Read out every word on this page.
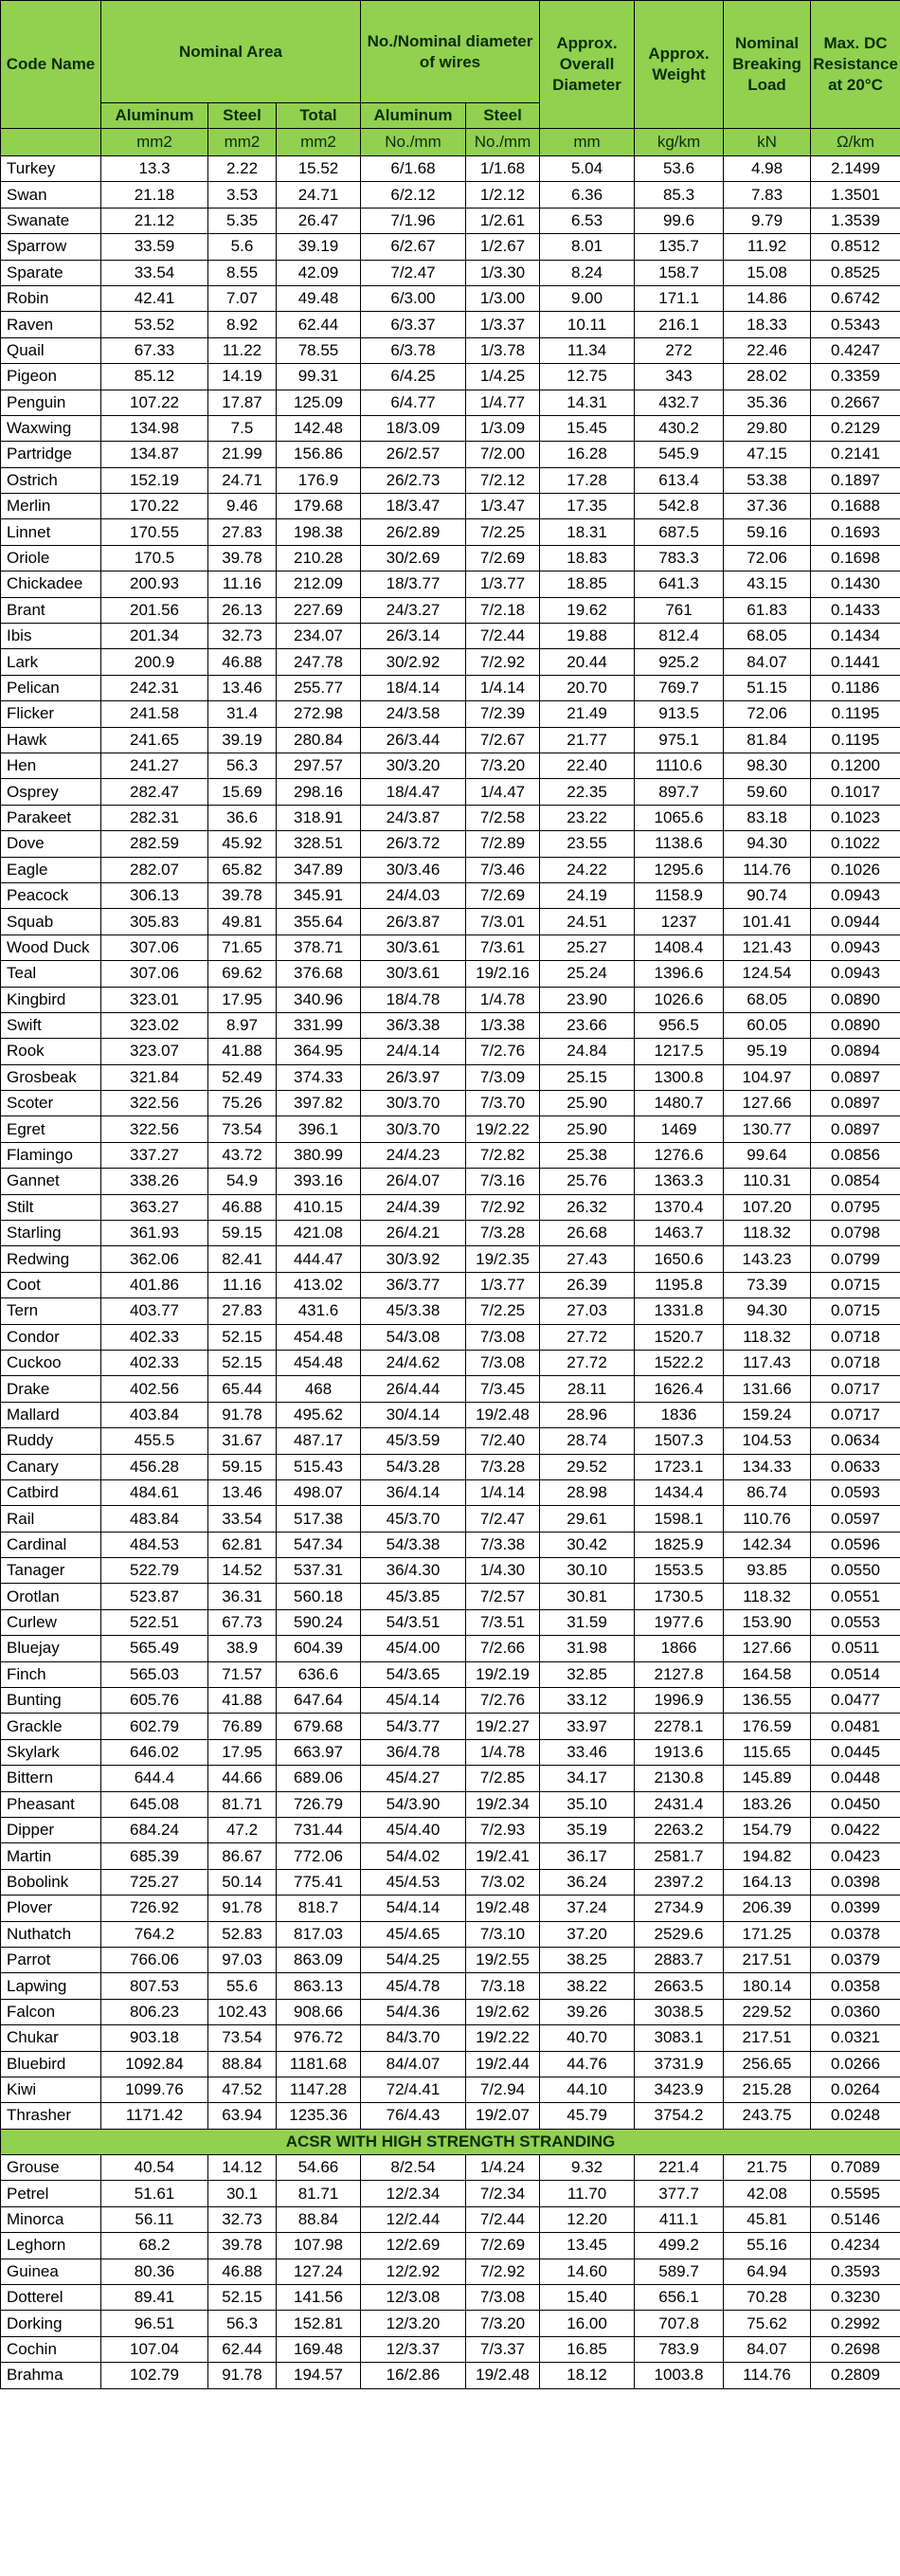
Code Name	Nominal Area			No./Nominal diameter of wires		Approx. Overall Diameter	Approx. Weight	Nominal Breaking Load	Max. DC Resistance at 20°C
	Aluminum	Steel	Total	Aluminum	Steel				
	mm2	mm2	mm2	No./mm	No./mm	mm	kg/km	kN	Ω/km
Turkey	13.3	2.22	15.52	6/1.68	1/1.68	5.04	53.6	4.98	2.1499
Swan	21.18	3.53	24.71	6/2.12	1/2.12	6.36	85.3	7.83	1.3501
Swanate	21.12	5.35	26.47	7/1.96	1/2.61	6.53	99.6	9.79	1.3539
Sparrow	33.59	5.6	39.19	6/2.67	1/2.67	8.01	135.7	11.92	0.8512
Sparate	33.54	8.55	42.09	7/2.47	1/3.30	8.24	158.7	15.08	0.8525
Robin	42.41	7.07	49.48	6/3.00	1/3.00	9.00	171.1	14.86	0.6742
Raven	53.52	8.92	62.44	6/3.37	1/3.37	10.11	216.1	18.33	0.5343
Quail	67.33	11.22	78.55	6/3.78	1/3.78	11.34	272	22.46	0.4247
Pigeon	85.12	14.19	99.31	6/4.25	1/4.25	12.75	343	28.02	0.3359
Penguin	107.22	17.87	125.09	6/4.77	1/4.77	14.31	432.7	35.36	0.2667
Waxwing	134.98	7.5	142.48	18/3.09	1/3.09	15.45	430.2	29.80	0.2129
Partridge	134.87	21.99	156.86	26/2.57	7/2.00	16.28	545.9	47.15	0.2141
Ostrich	152.19	24.71	176.9	26/2.73	7/2.12	17.28	613.4	53.38	0.1897
Merlin	170.22	9.46	179.68	18/3.47	1/3.47	17.35	542.8	37.36	0.1688
Linnet	170.55	27.83	198.38	26/2.89	7/2.25	18.31	687.5	59.16	0.1693
Oriole	170.5	39.78	210.28	30/2.69	7/2.69	18.83	783.3	72.06	0.1698
Chickadee	200.93	11.16	212.09	18/3.77	1/3.77	18.85	641.3	43.15	0.1430
Brant	201.56	26.13	227.69	24/3.27	7/2.18	19.62	761	61.83	0.1433
Ibis	201.34	32.73	234.07	26/3.14	7/2.44	19.88	812.4	68.05	0.1434
Lark	200.9	46.88	247.78	30/2.92	7/2.92	20.44	925.2	84.07	0.1441
Pelican	242.31	13.46	255.77	18/4.14	1/4.14	20.70	769.7	51.15	0.1186
Flicker	241.58	31.4	272.98	24/3.58	7/2.39	21.49	913.5	72.06	0.1195
Hawk	241.65	39.19	280.84	26/3.44	7/2.67	21.77	975.1	81.84	0.1195
Hen	241.27	56.3	297.57	30/3.20	7/3.20	22.40	1110.6	98.30	0.1200
Osprey	282.47	15.69	298.16	18/4.47	1/4.47	22.35	897.7	59.60	0.1017
Parakeet	282.31	36.6	318.91	24/3.87	7/2.58	23.22	1065.6	83.18	0.1023
Dove	282.59	45.92	328.51	26/3.72	7/2.89	23.55	1138.6	94.30	0.1022
Eagle	282.07	65.82	347.89	30/3.46	7/3.46	24.22	1295.6	114.76	0.1026
Peacock	306.13	39.78	345.91	24/4.03	7/2.69	24.19	1158.9	90.74	0.0943
Squab	305.83	49.81	355.64	26/3.87	7/3.01	24.51	1237	101.41	0.0944
Wood Duck	307.06	71.65	378.71	30/3.61	7/3.61	25.27	1408.4	121.43	0.0943
Teal	307.06	69.62	376.68	30/3.61	19/2.16	25.24	1396.6	124.54	0.0943
Kingbird	323.01	17.95	340.96	18/4.78	1/4.78	23.90	1026.6	68.05	0.0890
Swift	323.02	8.97	331.99	36/3.38	1/3.38	23.66	956.5	60.05	0.0890
Rook	323.07	41.88	364.95	24/4.14	7/2.76	24.84	1217.5	95.19	0.0894
Grosbeak	321.84	52.49	374.33	26/3.97	7/3.09	25.15	1300.8	104.97	0.0897
Scoter	322.56	75.26	397.82	30/3.70	7/3.70	25.90	1480.7	127.66	0.0897
Egret	322.56	73.54	396.1	30/3.70	19/2.22	25.90	1469	130.77	0.0897
Flamingo	337.27	43.72	380.99	24/4.23	7/2.82	25.38	1276.6	99.64	0.0856
Gannet	338.26	54.9	393.16	26/4.07	7/3.16	25.76	1363.3	110.31	0.0854
Stilt	363.27	46.88	410.15	24/4.39	7/2.92	26.32	1370.4	107.20	0.0795
Starling	361.93	59.15	421.08	26/4.21	7/3.28	26.68	1463.7	118.32	0.0798
Redwing	362.06	82.41	444.47	30/3.92	19/2.35	27.43	1650.6	143.23	0.0799
Coot	401.86	11.16	413.02	36/3.77	1/3.77	26.39	1195.8	73.39	0.0715
Tern	403.77	27.83	431.6	45/3.38	7/2.25	27.03	1331.8	94.30	0.0715
Condor	402.33	52.15	454.48	54/3.08	7/3.08	27.72	1520.7	118.32	0.0718
Cuckoo	402.33	52.15	454.48	24/4.62	7/3.08	27.72	1522.2	117.43	0.0718
Drake	402.56	65.44	468	26/4.44	7/3.45	28.11	1626.4	131.66	0.0717
Mallard	403.84	91.78	495.62	30/4.14	19/2.48	28.96	1836	159.24	0.0717
Ruddy	455.5	31.67	487.17	45/3.59	7/2.40	28.74	1507.3	104.53	0.0634
Canary	456.28	59.15	515.43	54/3.28	7/3.28	29.52	1723.1	134.33	0.0633
Catbird	484.61	13.46	498.07	36/4.14	1/4.14	28.98	1434.4	86.74	0.0593
Rail	483.84	33.54	517.38	45/3.70	7/2.47	29.61	1598.1	110.76	0.0597
Cardinal	484.53	62.81	547.34	54/3.38	7/3.38	30.42	1825.9	142.34	0.0596
Tanager	522.79	14.52	537.31	36/4.30	1/4.30	30.10	1553.5	93.85	0.0550
Orotlan	523.87	36.31	560.18	45/3.85	7/2.57	30.81	1730.5	118.32	0.0551
Curlew	522.51	67.73	590.24	54/3.51	7/3.51	31.59	1977.6	153.90	0.0553
Bluejay	565.49	38.9	604.39	45/4.00	7/2.66	31.98	1866	127.66	0.0511
Finch	565.03	71.57	636.6	54/3.65	19/2.19	32.85	2127.8	164.58	0.0514
Bunting	605.76	41.88	647.64	45/4.14	7/2.76	33.12	1996.9	136.55	0.0477
Grackle	602.79	76.89	679.68	54/3.77	19/2.27	33.97	2278.1	176.59	0.0481
Skylark	646.02	17.95	663.97	36/4.78	1/4.78	33.46	1913.6	115.65	0.0445
Bittern	644.4	44.66	689.06	45/4.27	7/2.85	34.17	2130.8	145.89	0.0448
Pheasant	645.08	81.71	726.79	54/3.90	19/2.34	35.10	2431.4	183.26	0.0450
Dipper	684.24	47.2	731.44	45/4.40	7/2.93	35.19	2263.2	154.79	0.0422
Martin	685.39	86.67	772.06	54/4.02	19/2.41	36.17	2581.7	194.82	0.0423
Bobolink	725.27	50.14	775.41	45/4.53	7/3.02	36.24	2397.2	164.13	0.0398
Plover	726.92	91.78	818.7	54/4.14	19/2.48	37.24	2734.9	206.39	0.0399
Nuthatch	764.2	52.83	817.03	45/4.65	7/3.10	37.20	2529.6	171.25	0.0378
Parrot	766.06	97.03	863.09	54/4.25	19/2.55	38.25	2883.7	217.51	0.0379
Lapwing	807.53	55.6	863.13	45/4.78	7/3.18	38.22	2663.5	180.14	0.0358
Falcon	806.23	102.43	908.66	54/4.36	19/2.62	39.26	3038.5	229.52	0.0360
Chukar	903.18	73.54	976.72	84/3.70	19/2.22	40.70	3083.1	217.51	0.0321
Bluebird	1092.84	88.84	1181.68	84/4.07	19/2.44	44.76	3731.9	256.65	0.0266
Kiwi	1099.76	47.52	1147.28	72/4.41	7/2.94	44.10	3423.9	215.28	0.0264
Thrasher	1171.42	63.94	1235.36	76/4.43	19/2.07	45.79	3754.2	243.75	0.0248
ACSR WITH HIGH STRENGTH STRANDING									
Grouse	40.54	14.12	54.66	8/2.54	1/4.24	9.32	221.4	21.75	0.7089
Petrel	51.61	30.1	81.71	12/2.34	7/2.34	11.70	377.7	42.08	0.5595
Minorca	56.11	32.73	88.84	12/2.44	7/2.44	12.20	411.1	45.81	0.5146
Leghorn	68.2	39.78	107.98	12/2.69	7/2.69	13.45	499.2	55.16	0.4234
Guinea	80.36	46.88	127.24	12/2.92	7/2.92	14.60	589.7	64.94	0.3593
Dotterel	89.41	52.15	141.56	12/3.08	7/3.08	15.40	656.1	70.28	0.3230
Dorking	96.51	56.3	152.81	12/3.20	7/3.20	16.00	707.8	75.62	0.2992
Cochin	107.04	62.44	169.48	12/3.37	7/3.37	16.85	783.9	84.07	0.2698
Brahma	102.79	91.78	194.57	16/2.86	19/2.48	18.12	1003.8	114.76	0.2809
